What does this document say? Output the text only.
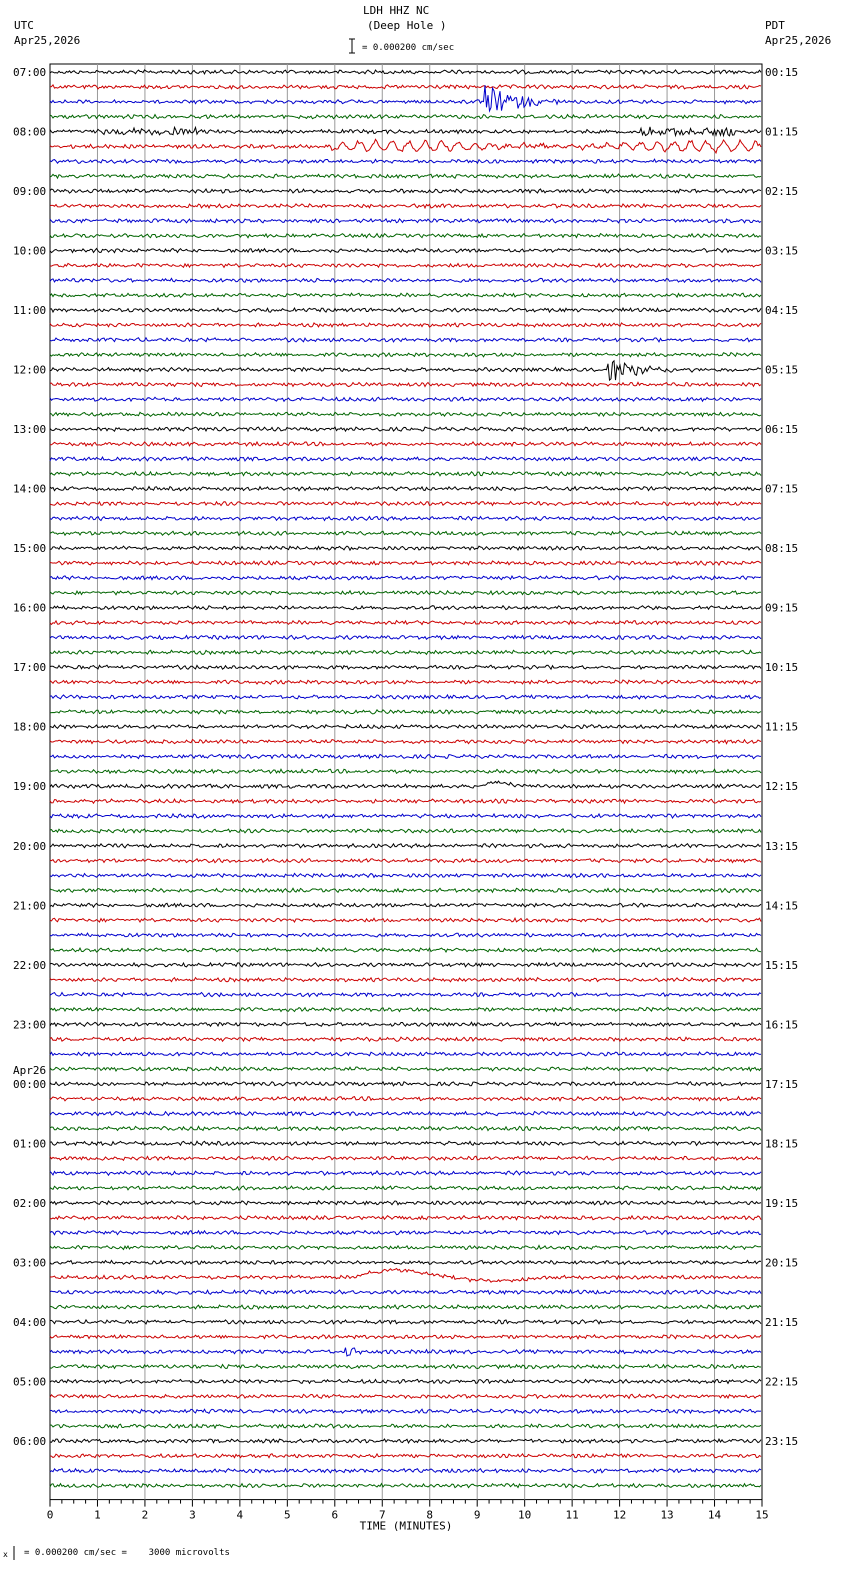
UTC
Apr25,2026
PDT
Apr25,2026
LDH HHZ NC
(Deep Hole )
= 0.000200 cm/sec
x = 0.000200 cm/sec =    3000 microvolts
0	1	2	3	4	5	6	7	8	9	10	11	12	13	14	15
TIME (MINUTES)
07:00
08:00
09:00
10:00
11:00
12:00
13:00
14:00
15:00
16:00
17:00
18:00
19:00
20:00
21:00
22:00
23:00
00:00
Apr26
01:00
02:00
03:00
04:00
05:00
06:00
00:15
01:15
02:15
03:15
04:15
05:15
06:15
07:15
08:15
09:15
10:15
11:15
12:15
13:15
14:15
15:15
16:15
17:15
18:15
19:15
20:15
21:15
22:15
23:15
